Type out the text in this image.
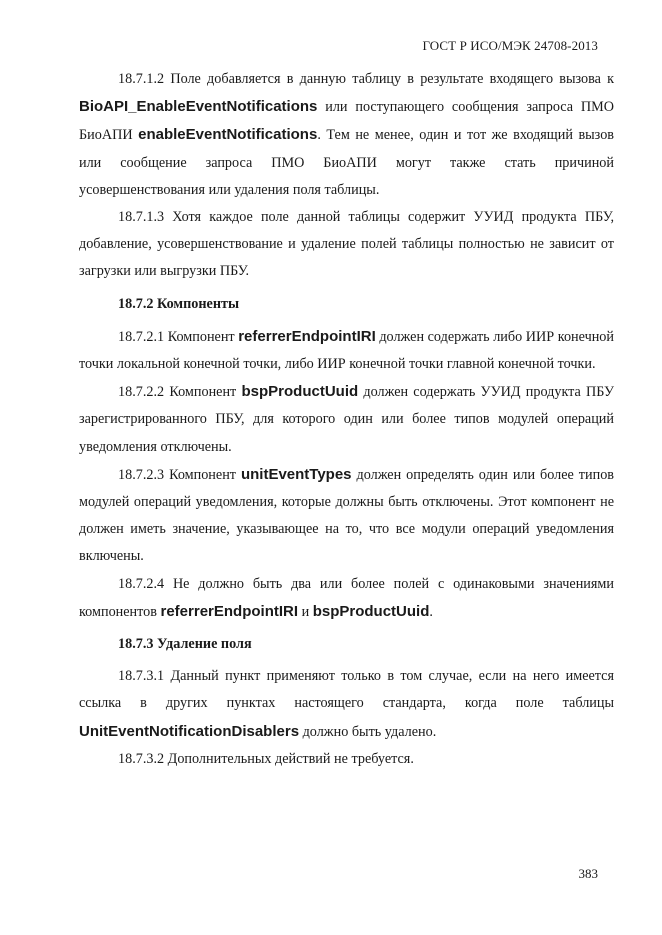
ГОСТ Р ИСО/МЭК 24708-2013

18.7.1.2 Поле добавляется в данную таблицу в результате входящего вызова к BioAPI_EnableEventNotifications или поступающего сообщения запроса ПМО БиоАПИ enableEventNotifications. Тем не менее, один и тот же входящий вызов или сообщение запроса ПМО БиоАПИ могут также стать причиной усовершенствования или удаления поля таблицы.

18.7.1.3 Хотя каждое поле данной таблицы содержит УУИД продукта ПБУ, добавление, усовершенствование и удаление полей таблицы полностью не зависит от загрузки или выгрузки ПБУ.

18.7.2 Компоненты

18.7.2.1 Компонент referrerEndpointIRI должен содержать либо ИИР конечной точки локальной конечной точки, либо ИИР конечной точки главной конечной точки.

18.7.2.2 Компонент bspProductUuid должен содержать УУИД продукта ПБУ зарегистрированного ПБУ, для которого один или более типов модулей операций уведомления отключены.

18.7.2.3 Компонент unitEventTypes должен определять один или более типов модулей операций уведомления, которые должны быть отключены. Этот компонент не должен иметь значение, указывающее на то, что все модули операций уведомления включены.

18.7.2.4 Не должно быть два или более полей с одинаковыми значениями компонентов referrerEndpointIRI и bspProductUuid.

18.7.3 Удаление поля

18.7.3.1 Данный пункт применяют только в том случае, если на него имеется ссылка в других пунктах настоящего стандарта, когда поле таблицы UnitEventNotificationDisablers должно быть удалено.

18.7.3.2 Дополнительных действий не требуется.

383
